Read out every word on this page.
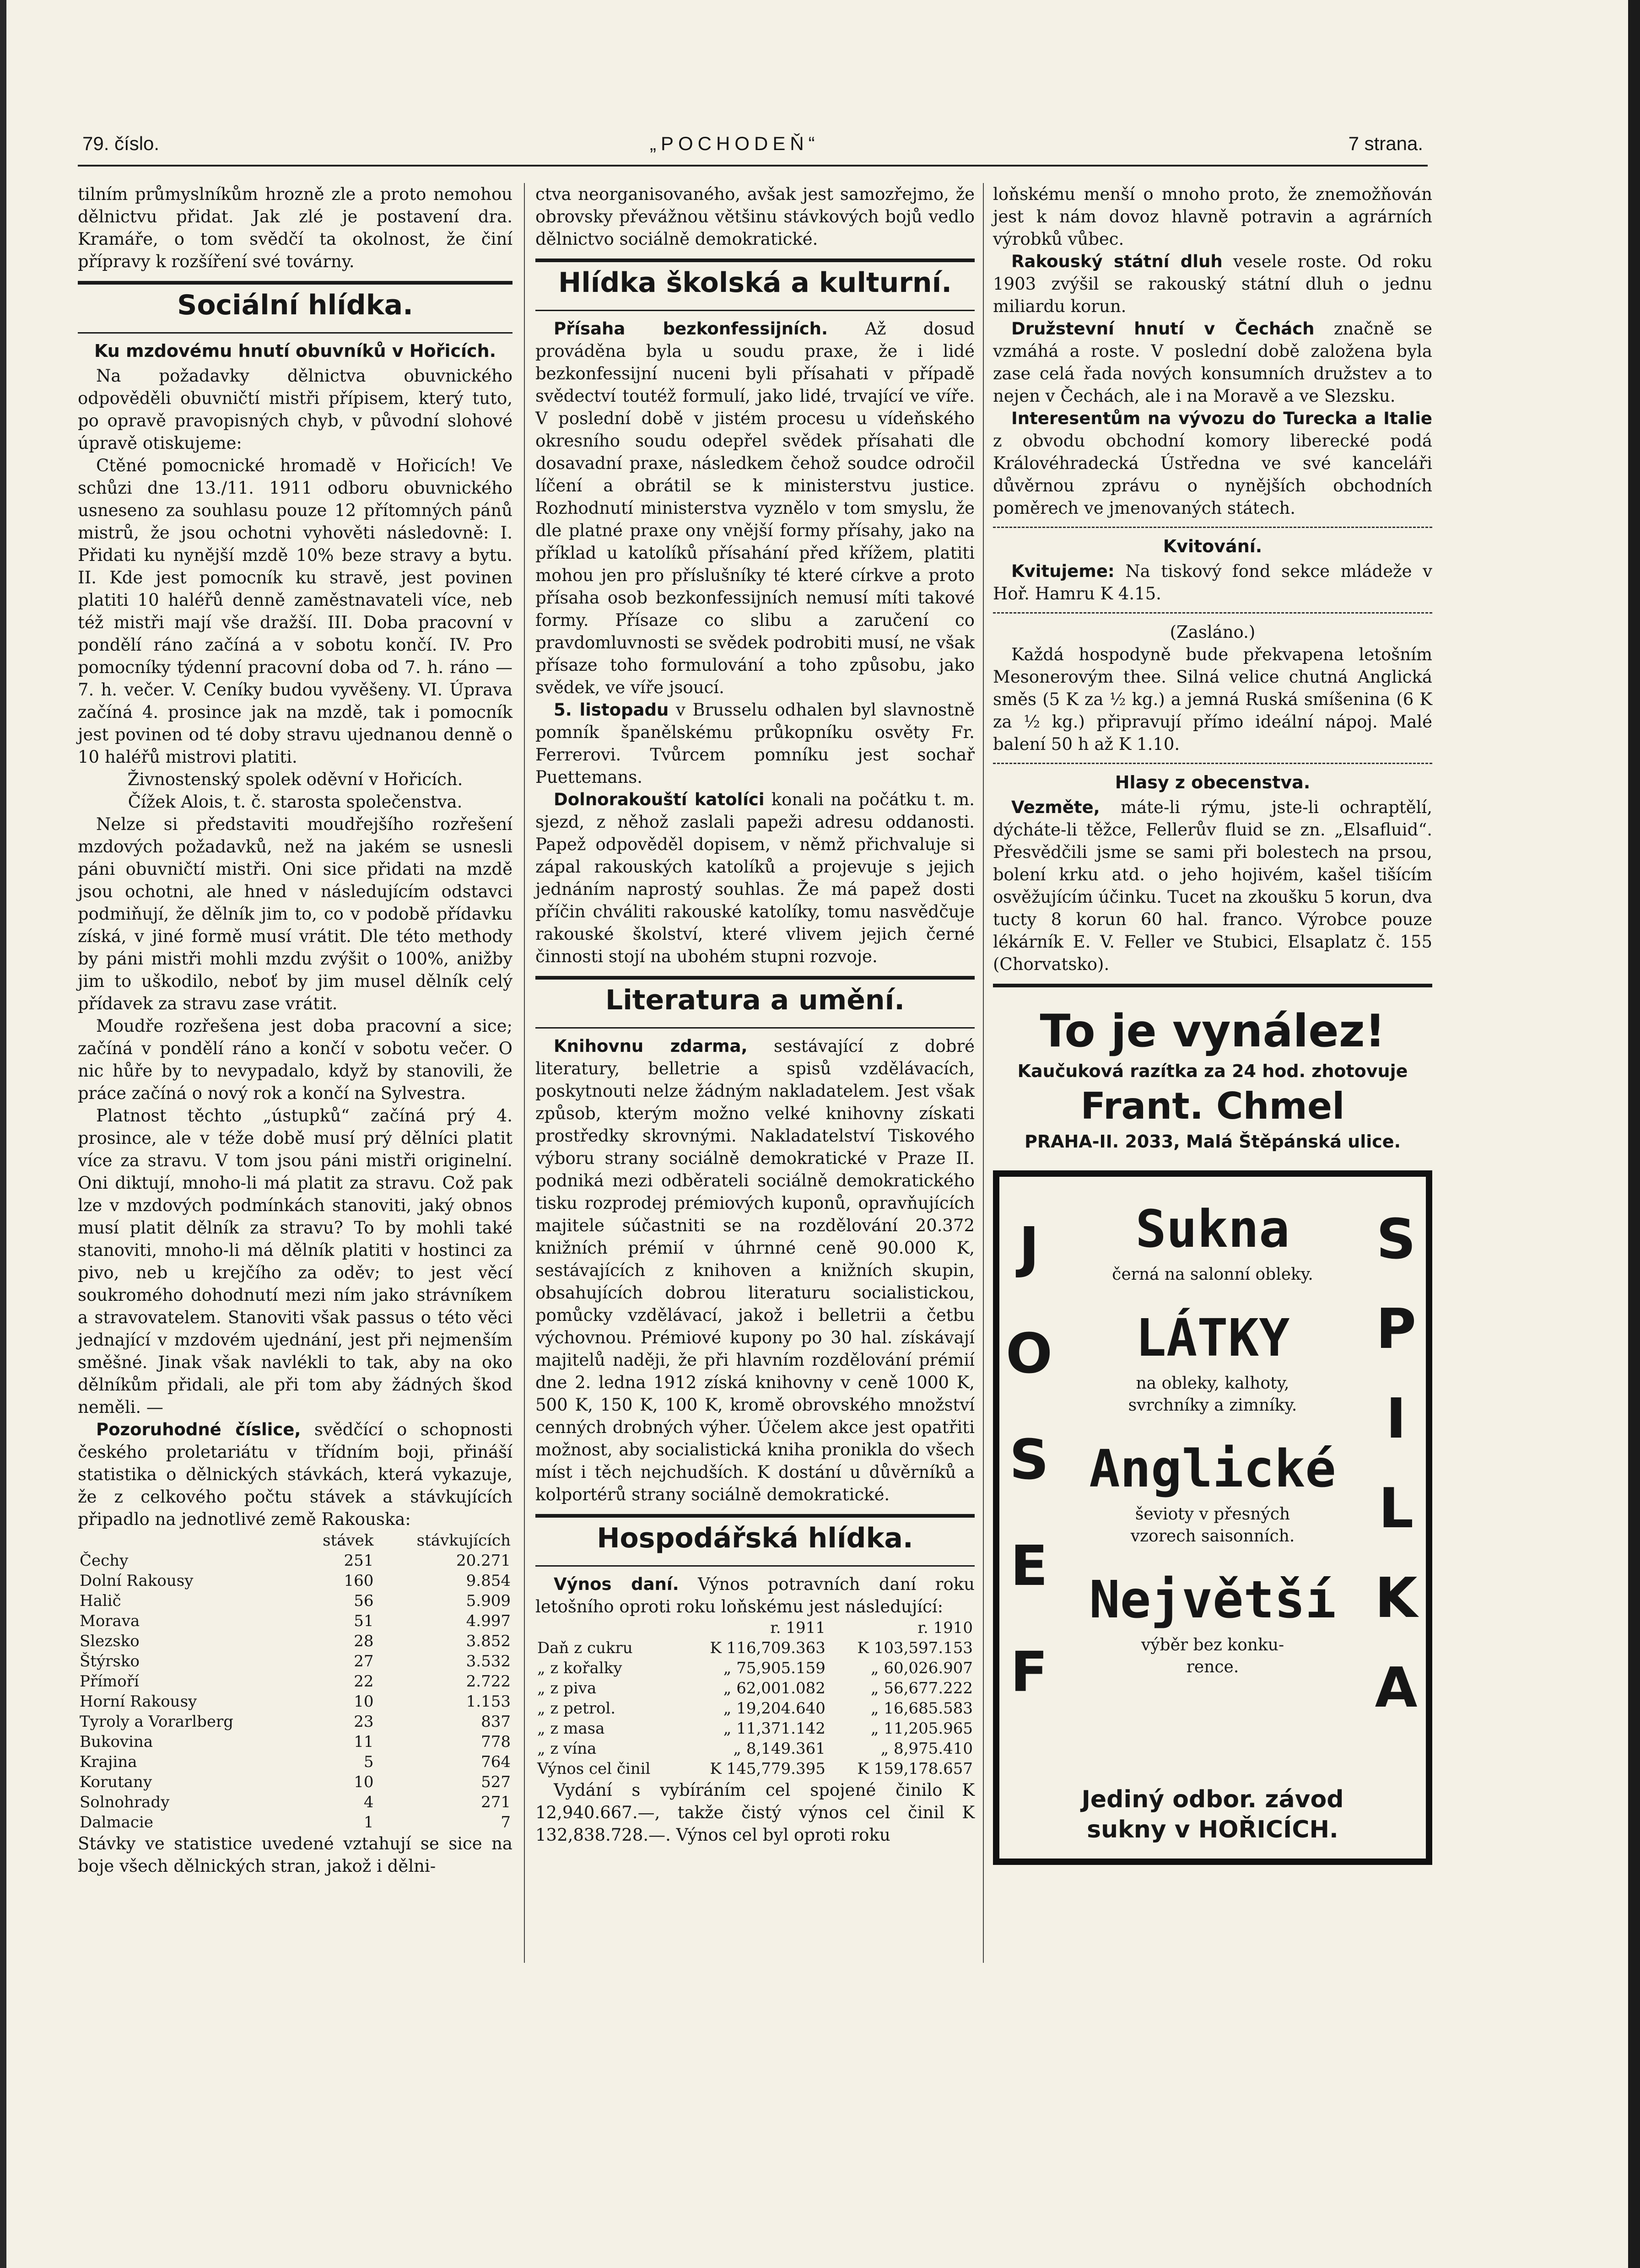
79. číslo.	„POCHODEŇ“	7 strana.

tilním průmyslníkům hrozně zle a proto nemohou dělnictvu přidat. Jak zlé je postavení dra. Kramáře, o tom svědčí ta okolnost, že činí přípravy k rozšíření své továrny.

Sociální hlídka.
Ku mzdovému hnutí obuvníků v Hořicích.

Na požadavky dělnictva obuvnického odpověděli obuvničtí mistři přípisem, který tuto, po opravě pravopisných chyb, v původní slohové úpravě otiskujeme:

Ctěné pomocnické hromadě v Hořicích! Ve schůzi dne 13./11. 1911 odboru obuvnického usneseno za souhlasu pouze 12 přítomných pánů mistrů, že jsou ochotni vyhověti následovně: I. Přidati ku nynější mzdě 10% beze stravy a bytu. II. Kde jest pomocník ku stravě, jest povinen platiti 10 haléřů denně zaměstnavateli více, neb též mistři mají vše dražší. III. Doba pracovní v pondělí ráno začíná a v sobotu končí. IV. Pro pomocníky týdenní pracovní doba od 7. h. ráno — 7. h. večer. V. Ceníky budou vyvěšeny. VI. Úprava začíná 4. prosince jak na mzdě, tak i pomocník jest povinen od té doby stravu ujednanou denně o 10 haléřů mistrovi platiti.

Živnostenský spolek oděvní v Hořicích.

Čížek Alois, t. č. starosta společenstva.

Nelze si představiti moudřejšího rozřešení mzdových požadavků, než na jakém se usnesli páni obuvničtí mistři. Oni sice přidati na mzdě jsou ochotni, ale hned v následujícím odstavci podmiňují, že dělník jim to, co v podobě přídavku získá, v jiné formě musí vrátit. Dle této methody by páni mistři mohli mzdu zvýšit o 100%, anižby jim to uškodilo, neboť by jim musel dělník celý přídavek za stravu zase vrátit.

Moudře rozřešena jest doba pracovní a sice; začíná v pondělí ráno a končí v sobotu večer. O nic hůře by to nevypadalo, když by stanovili, že práce začíná o nový rok a končí na Sylvestra.

Platnost těchto „ústupků“ začíná prý 4. prosince, ale v téže době musí prý dělníci platit více za stravu. V tom jsou páni mistři originelní. Oni diktují, mnoho-li má platit za stravu. Což pak lze v mzdových podmínkách stanoviti, jaký obnos musí platit dělník za stravu? To by mohli také stanoviti, mnoho-li má dělník platiti v hostinci za pivo, neb u krejčího za oděv; to jest věcí soukromého dohodnutí mezi ním jako strávníkem a stravovatelem. Stanoviti však passus o této věci jednající v mzdovém ujednání, jest při nejmenším směšné. Jinak však navlékli to tak, aby na oko dělníkům přidali, ale při tom aby žádných škod neměli. —

Pozoruhodné číslice, svědčící o schopnosti českého proletariátu v třídním boji, přináší statistika o dělnických stávkách, která vykazuje, že z celkového počtu stávek a stávkujících připadlo na jednotlivé země Rakouska:

	stávek	stávkujících
Čechy	251	20.271
Dolní Rakousy	160	9.854
Halič	56	5.909
Morava	51	4.997
Slezsko	28	3.852
Štýrsko	27	3.532
Přímoří	22	2.722
Horní Rakousy	10	1.153
Tyroly a Vorarlberg	23	837
Bukovina	11	778
Krajina	5	764
Korutany	10	527
Solnohrady	4	271
Dalmacie	1	7

Stávky ve statistice uvedené vztahují se sice na boje všech dělnických stran, jakož i dělni-

ctva neorganisovaného, avšak jest samozřejmo, že obrovsky převážnou většinu stávkových bojů vedlo dělnictvo sociálně demokratické.

Hlídka školská a kulturní.

Přísaha bezkonfessijních. Až dosud prováděna byla u soudu praxe, že i lidé bezkonfessijní nuceni byli přísahati v případě svědectví toutéž formulí, jako lidé, trvající ve víře. V poslední době v jistém procesu u vídeňského okresního soudu odepřel svědek přísahati dle dosavadní praxe, následkem čehož soudce odročil líčení a obrátil se k ministerstvu justice. Rozhodnutí ministerstva vyznělo v tom smyslu, že dle platné praxe ony vnější formy přísahy, jako na příklad u katolíků přísahání před křížem, platiti mohou jen pro příslušníky té které církve a proto přísaha osob bezkonfessijních nemusí míti takové formy. Přísaze co slibu a zaručení co pravdomluvnosti se svědek podrobiti musí, ne však přísaze toho formulování a toho způsobu, jako svědek, ve víře jsoucí.

5. listopadu v Brusselu odhalen byl slavnostně pomník španělskému průkopníku osvěty Fr. Ferrerovi. Tvůrcem pomníku jest sochař Puettemans.

Dolnorakouští katolíci konali na počátku t. m. sjezd, z něhož zaslali papeži adresu oddanosti. Papež odpověděl dopisem, v němž přichvaluje si zápal rakouských katolíků a projevuje s jejich jednáním naprostý souhlas. Že má papež dosti příčin chváliti rakouské katolíky, tomu nasvědčuje rakouské školství, které vlivem jejich černé činnosti stojí na ubohém stupni rozvoje.

Literatura a umění.

Knihovnu zdarma, sestávající z dobré literatury, belletrie a spisů vzdělávacích, poskytnouti nelze žádným nakladatelem. Jest však způsob, kterým možno velké knihovny získati prostředky skrovnými. Nakladatelství Tiskového výboru strany sociálně demokratické v Praze II. podniká mezi odběrateli sociálně demokratického tisku rozprodej prémiových kuponů, opravňujících majitele súčastniti se na rozdělování 20.372 knižních prémií v úhrnné ceně 90.000 K, sestávajících z knihoven a knižních skupin, obsahujících dobrou literaturu socialistickou, pomůcky vzdělávací, jakož i belletrii a četbu výchovnou. Prémiové kupony po 30 hal. získávají majitelů naději, že při hlavním rozdělování prémií dne 2. ledna 1912 získá knihovny v ceně 1000 K, 500 K, 150 K, 100 K, kromě obrovského množství cenných drobných výher. Účelem akce jest opatřiti možnost, aby socialistická kniha pronikla do všech míst i těch nejchudších. K dostání u důvěrníků a kolportérů strany sociálně demokratické.

Hospodářská hlídka.

Výnos daní. Výnos potravních daní roku letošního oproti roku loňskému jest následující:

	r. 1911	r. 1910
Daň z cukru	K 116,709.363	K 103,597.153
„ z kořalky	„ 75,905.159	„ 60,026.907
„ z piva	„ 62,001.082	„ 56,677.222
„ z petrol.	„ 19,204.640	„ 16,685.583
„ z masa	„ 11,371.142	„ 11,205.965
„ z vína	„ 8,149.361	„ 8,975.410
Výnos cel činil	K 145,779.395	K 159,178.657

Vydání s vybíráním cel spojené činilo K 12,940.667.—, takže čistý výnos cel činil K 132,838.728.—. Výnos cel byl oproti roku

loňskému menší o mnoho proto, že znemožňován jest k nám dovoz hlavně potravin a agrárních výrobků vůbec.

Rakouský státní dluh vesele roste. Od roku 1903 zvýšil se rakouský státní dluh o jednu miliardu korun.

Družstevní hnutí v Čechách značně se vzmáhá a roste. V poslední době založena byla zase celá řada nových konsumních družstev a to nejen v Čechách, ale i na Moravě a ve Slezsku.

Interesentům na vývozu do Turecka a Italie z obvodu obchodní komory liberecké podá Královéhradecká Ústředna ve své kanceláři důvěrnou zprávu o nynějších obchodních poměrech ve jmenovaných státech.

Kvitování.

Kvitujeme: Na tiskový fond sekce mládeže v Hoř. Hamru K 4.15.

(Zasláno.)

Každá hospodyně bude překvapena letošním Mesonerovým thee. Silná velice chutná Anglická směs (5 K za ½ kg.) a jemná Ruská smíšenina (6 K za ½ kg.) připravují přímo ideální nápoj. Malé balení 50 h až K 1.10.

Hlasy z obecenstva.

Vezměte, máte-li rýmu, jste-li ochraptělí, dýcháte-li těžce, Fellerův fluid se zn. „Elsafluid“. Přesvědčili jsme se sami při bolestech na prsou, bolení krku atd. o jeho hojivém, kašel tišícím osvěžujícím účinku. Tucet na zkoušku 5 korun, dva tucty 8 korun 60 hal. franco. Výrobce pouze lékárník E. V. Feller ve Stubici, Elsaplatz č. 155 (Chorvatsko).

To je vynález!
Kaučuková razítka za 24 hod. zhotovuje
Frant. Chmel
PRAHA-II. 2033, Malá Štěpánská ulice.
J
O
S
E
F
S
P
I
L
K
A
Sukna
černá na salonní obleky.
LÁTKY
na obleky, kalhoty,
svrchníky a zimníky.
Anglické
ševioty v přesných
vzorech saisonních.
Největší
výběr bez konku-
rence.
Jediný odbor. závod
sukny v HOŘICÍCH.
